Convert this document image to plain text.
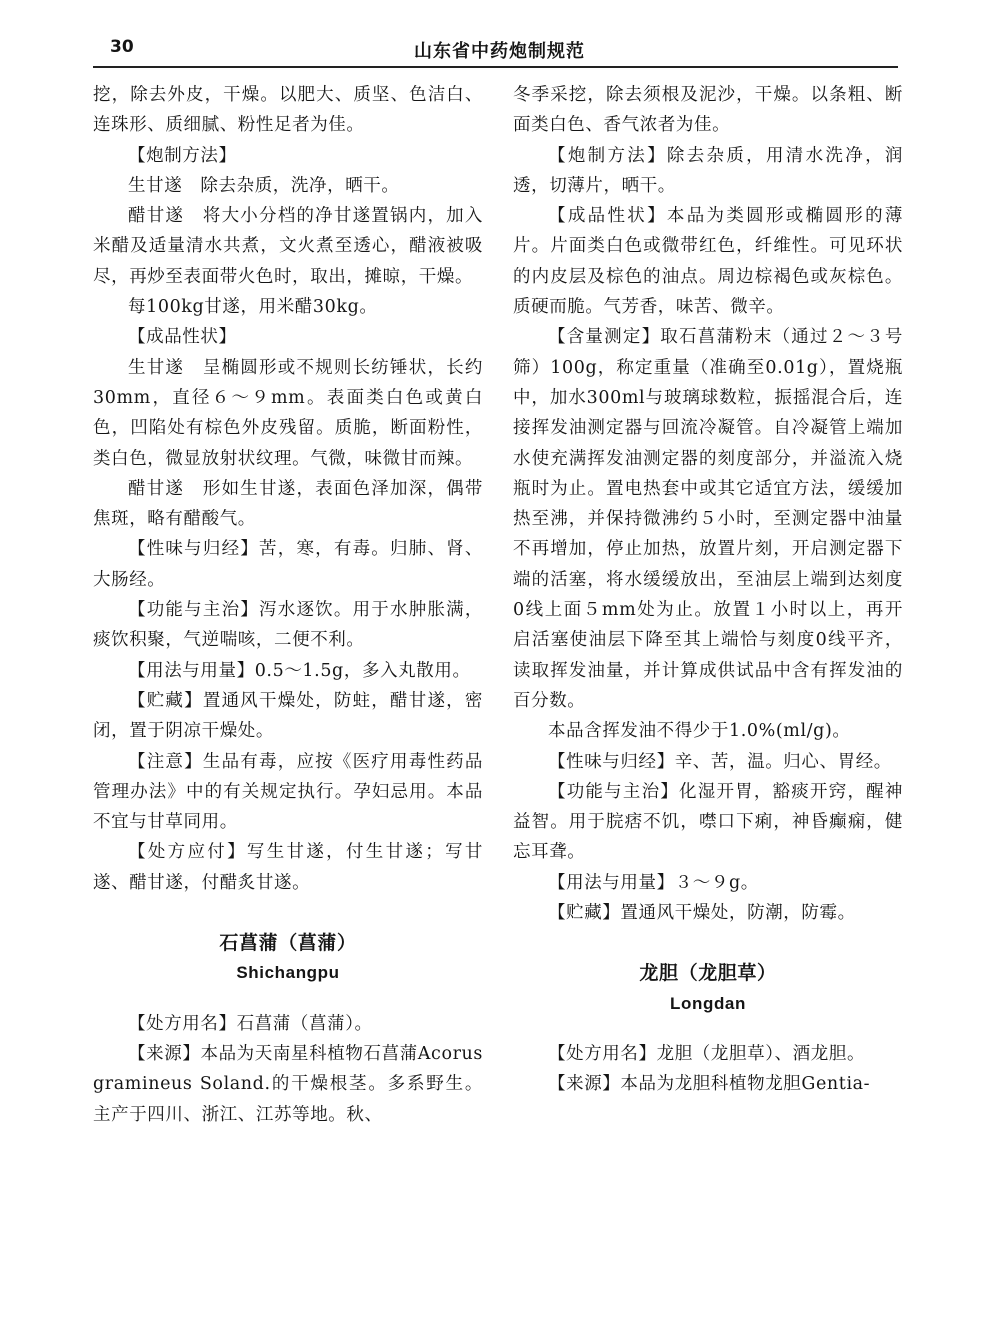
30	山东省中药炮制规范

挖，除去外皮，干燥。以肥大、质坚、色洁白、连珠形、质细腻、粉性足者为佳。

【炮制方法】

生甘遂　除去杂质，洗净，晒干。

醋甘遂　将大小分档的净甘遂置锅内，加入米醋及适量清水共煮，文火煮至透心，醋液被吸尽，再炒至表面带火色时，取出，摊晾，干燥。

每100kg甘遂，用米醋30kg。

【成品性状】

生甘遂　呈椭圆形或不规则长纺锤状，长约30mm，直径６～９mm。表面类白色或黄白色，凹陷处有棕色外皮残留。质脆，断面粉性，类白色，微显放射状纹理。气微，味微甘而辣。

醋甘遂　形如生甘遂，表面色泽加深，偶带焦斑，略有醋酸气。

【性味与归经】苦，寒，有毒。归肺、肾、大肠经。

【功能与主治】泻水逐饮。用于水肿胀满，痰饮积聚，气逆喘咳，二便不利。

【用法与用量】0.5～1.5g，多入丸散用。

【贮藏】置通风干燥处，防蛀，醋甘遂，密闭，置于阴凉干燥处。

【注意】生品有毒，应按《医疗用毒性药品管理办法》中的有关规定执行。孕妇忌用。本品不宜与甘草同用。

【处方应付】写生甘遂，付生甘遂；写甘遂、醋甘遂，付醋炙甘遂。

石菖蒲（菖蒲）
Shichangpu

【处方用名】石菖蒲（菖蒲）。

【来源】本品为天南星科植物石菖蒲Acorus gramineus Soland.的干燥根茎。多系野生。主产于四川、浙江、江苏等地。秋、

冬季采挖，除去须根及泥沙，干燥。以条粗、断面类白色、香气浓者为佳。

【炮制方法】除去杂质，用清水洗净，润透，切薄片，晒干。

【成品性状】本品为类圆形或椭圆形的薄片。片面类白色或微带红色，纤维性。可见环状的内皮层及棕色的油点。周边棕褐色或灰棕色。质硬而脆。气芳香，味苦、微辛。

【含量测定】取石菖蒲粉末（通过２～３号筛）100g，称定重量（准确至0.01g），置烧瓶中，加水300ml与玻璃球数粒，振摇混合后，连接挥发油测定器与回流冷凝管。自冷凝管上端加水使充满挥发油测定器的刻度部分，并溢流入烧瓶时为止。置电热套中或其它适宜方法，缓缓加热至沸，并保持微沸约５小时，至测定器中油量不再增加，停止加热，放置片刻，开启测定器下端的活塞，将水缓缓放出，至油层上端到达刻度0线上面５mm处为止。放置１小时以上，再开启活塞使油层下降至其上端恰与刻度0线平齐，读取挥发油量，并计算成供试品中含有挥发油的百分数。

本品含挥发油不得少于1.0%(ml/g)。

【性味与归经】辛、苦，温。归心、胃经。

【功能与主治】化湿开胃，豁痰开窍，醒神益智。用于脘痞不饥，噤口下痢，神昏癫痫，健忘耳聋。

【用法与用量】３～９g。

【贮藏】置通风干燥处，防潮，防霉。

龙胆（龙胆草）
Longdan

【处方用名】龙胆（龙胆草）、酒龙胆。

【来源】本品为龙胆科植物龙胆Gentia-
